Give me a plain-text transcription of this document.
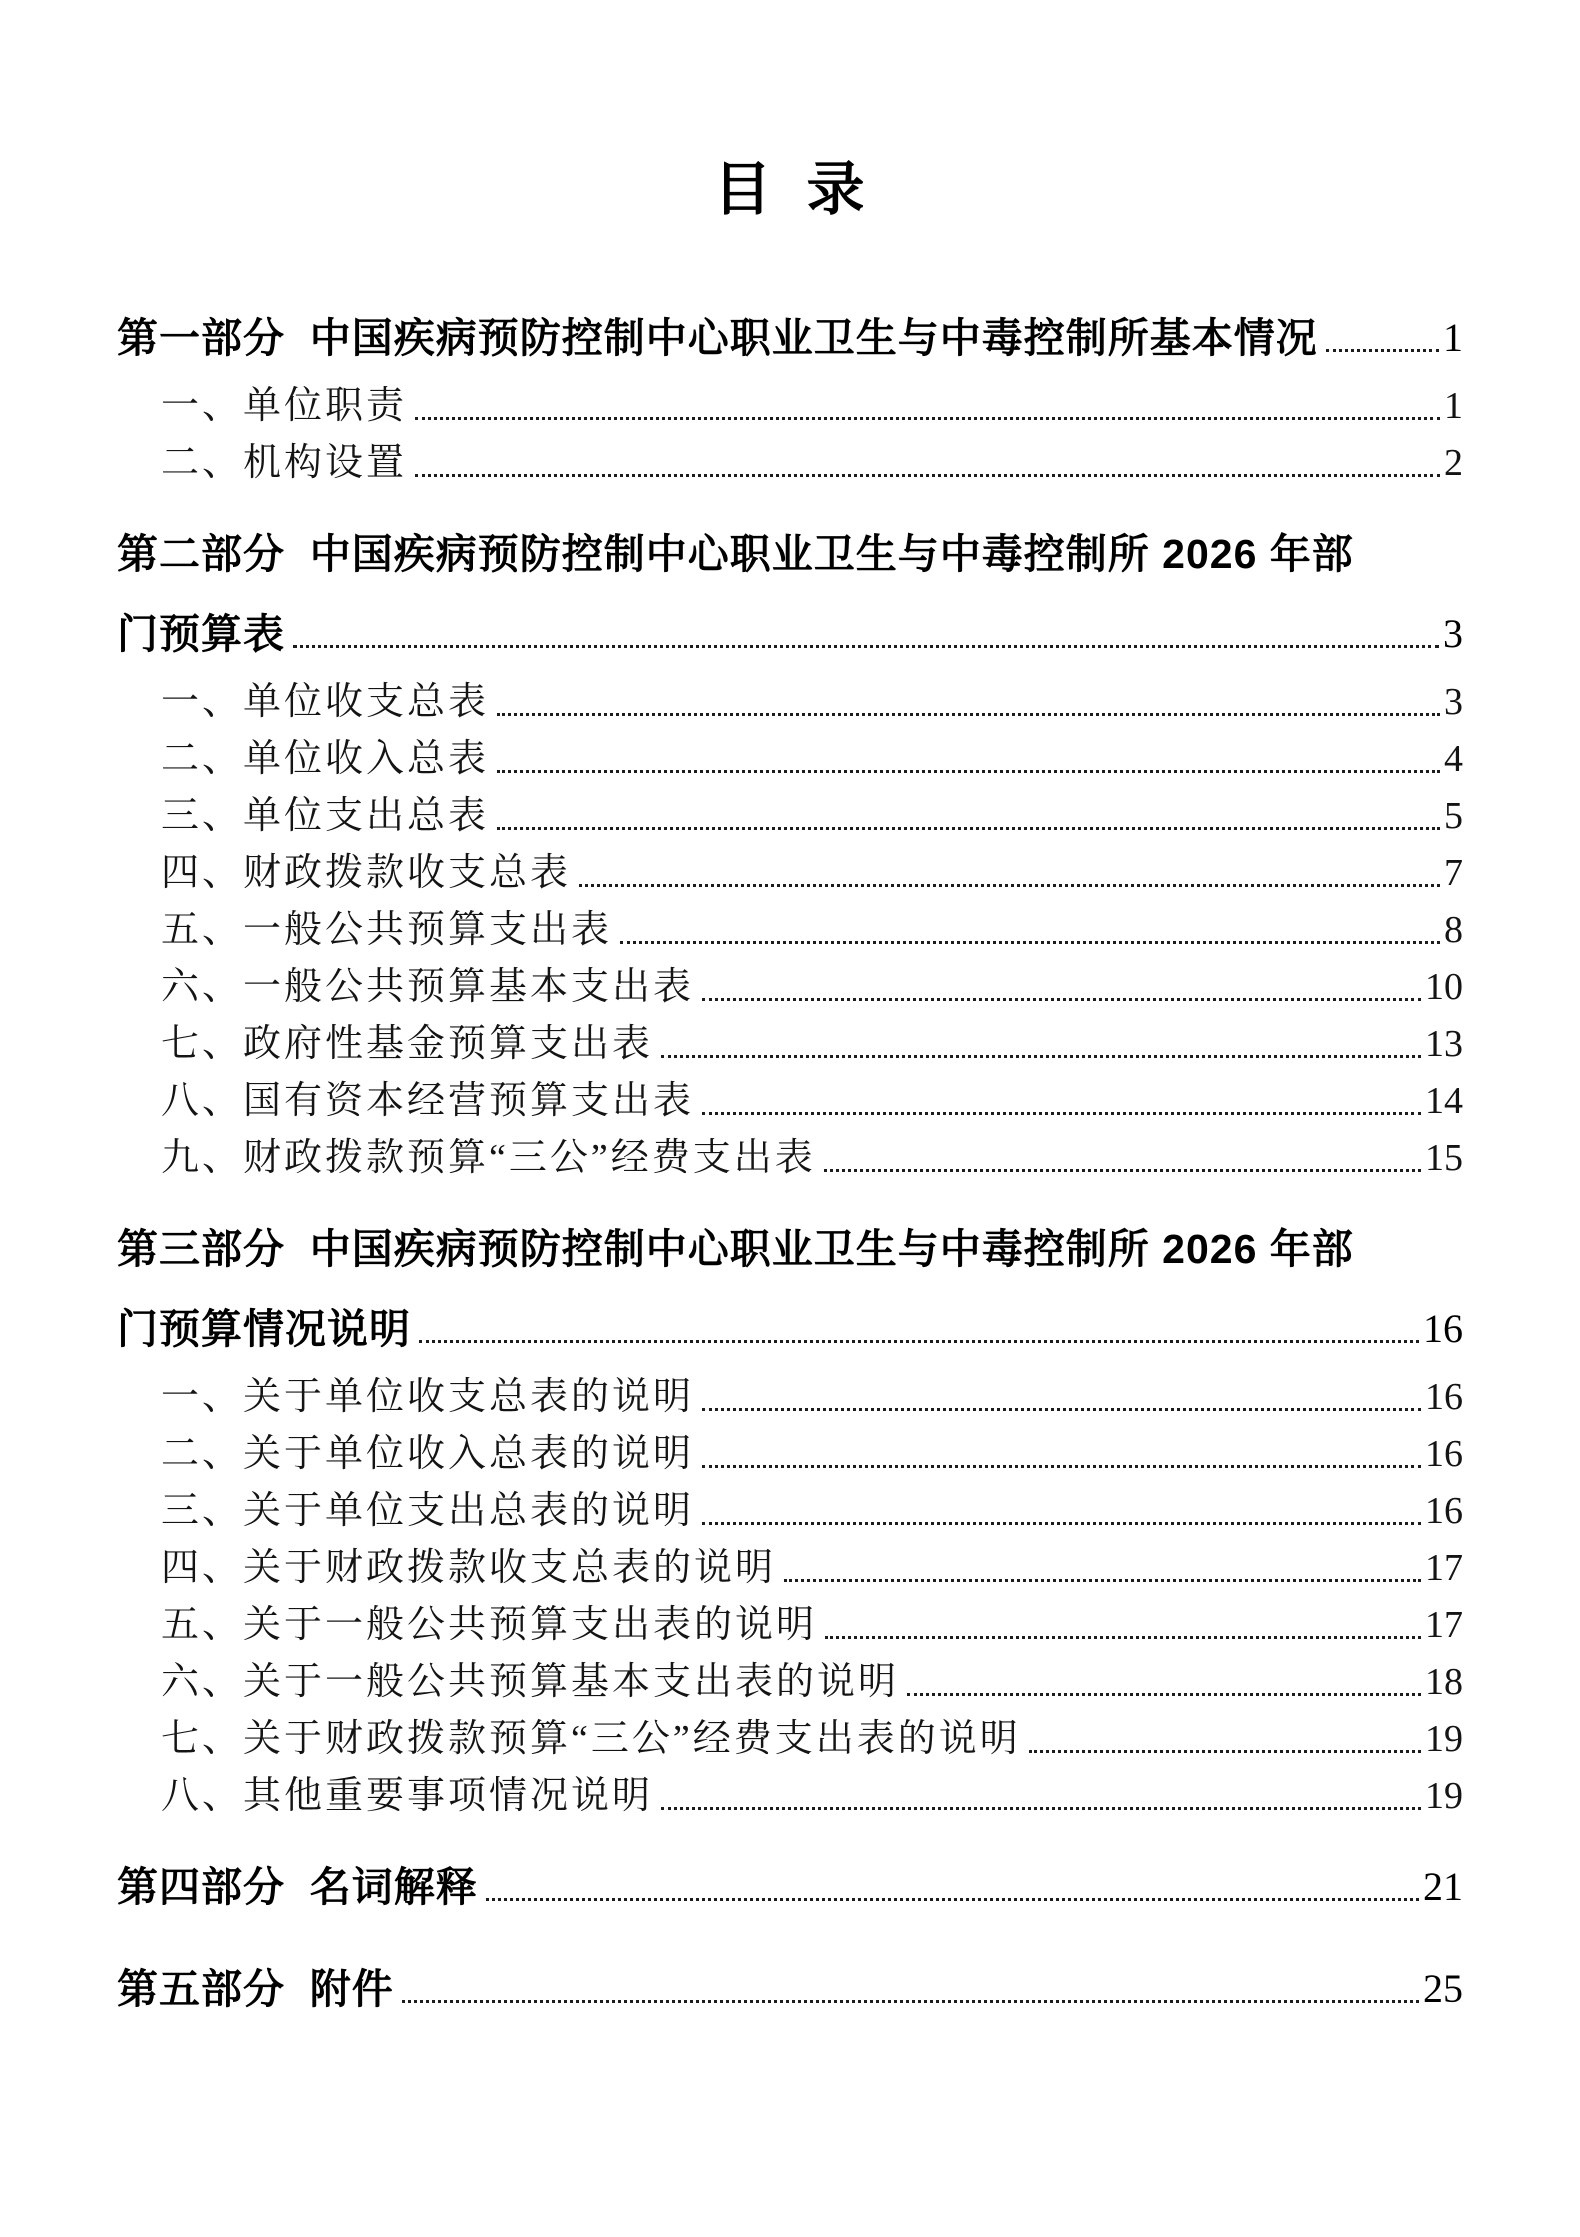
目  录
第一部分  中国疾病预防控制中心职业卫生与中毒控制所基本情况	1
一、单位职责	1
二、机构设置	2
第二部分  中国疾病预防控制中心职业卫生与中毒控制所 2026 年部
门预算表	3
一、单位收支总表	3
二、单位收入总表	4
三、单位支出总表	5
四、财政拨款收支总表	7
五、一般公共预算支出表	8
六、一般公共预算基本支出表	10
七、政府性基金预算支出表	13
八、国有资本经营预算支出表	14
九、财政拨款预算“三公”经费支出表	15
第三部分  中国疾病预防控制中心职业卫生与中毒控制所 2026 年部
门预算情况说明	16
一、关于单位收支总表的说明	16
二、关于单位收入总表的说明	16
三、关于单位支出总表的说明	16
四、关于财政拨款收支总表的说明	17
五、关于一般公共预算支出表的说明	17
六、关于一般公共预算基本支出表的说明	18
七、关于财政拨款预算“三公”经费支出表的说明	19
八、其他重要事项情况说明	19
第四部分  名词解释	21
第五部分  附件	25
